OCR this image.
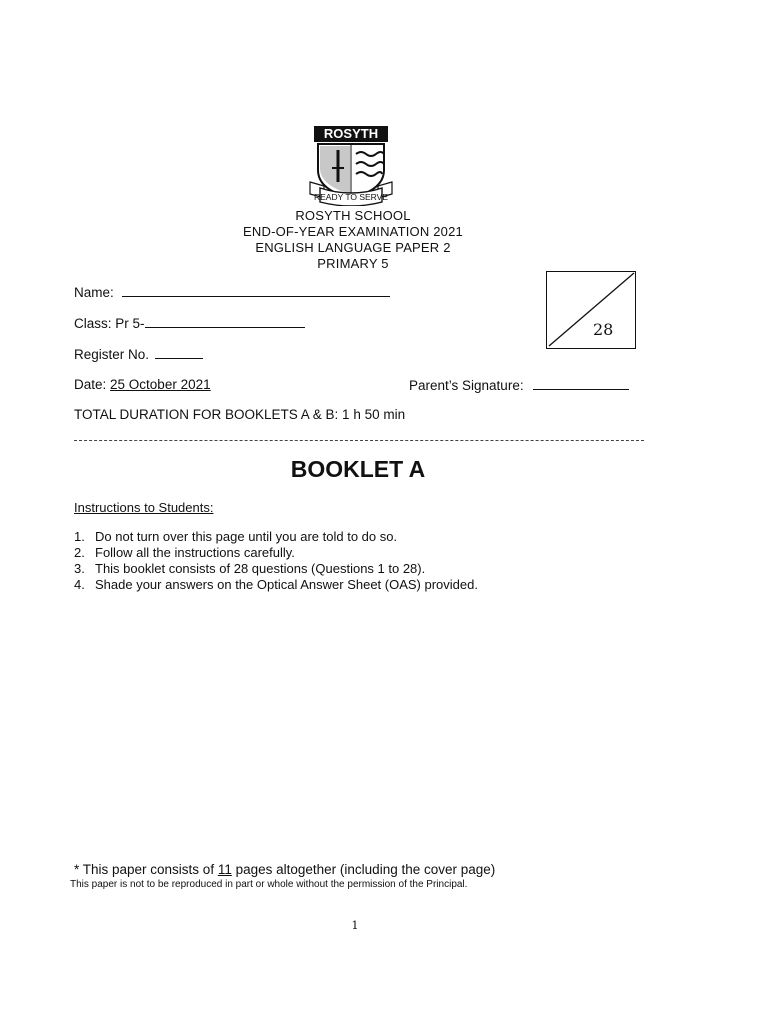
ROSYTH
READY TO SERVE
ROSYTH SCHOOL
END-OF-YEAR EXAMINATION 2021
ENGLISH LANGUAGE PAPER 2
PRIMARY 5
Name:
Class: Pr 5-
Register No.
28
Date: 25 October 2021	Parent’s Signature:
TOTAL DURATION FOR BOOKLETS A & B: 1 h 50 min
BOOKLET A
Instructions to Students:
1. Do not turn over this page until you are told to do so.
2. Follow all the instructions carefully.
3. This booklet consists of 28 questions (Questions 1 to 28).
4. Shade your answers on the Optical Answer Sheet (OAS) provided.
* This paper consists of 11 pages altogether (including the cover page)
This paper is not to be reproduced in part or whole without the permission of the Principal.
1
